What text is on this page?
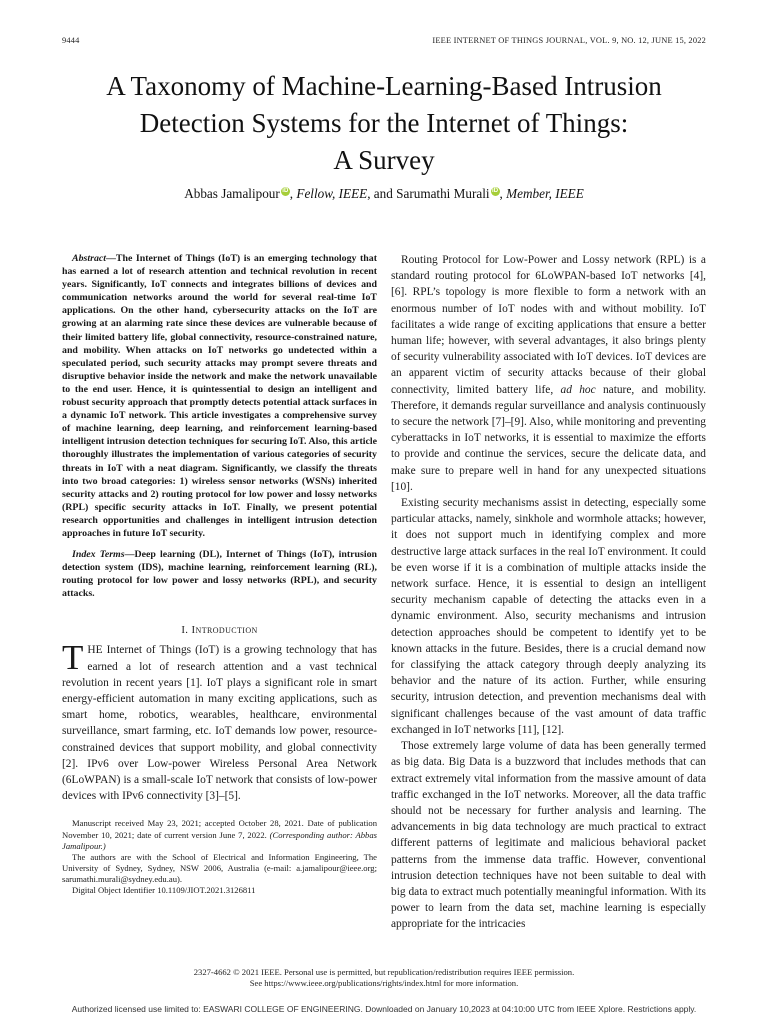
9444	IEEE INTERNET OF THINGS JOURNAL, VOL. 9, NO. 12, JUNE 15, 2022
A Taxonomy of Machine-Learning-Based Intrusion
Detection Systems for the Internet of Things:
A Survey
Abbas Jamalipour iD , Fellow, IEEE, and Sarumathi Murali iD , Member, IEEE

Abstract—The Internet of Things (IoT) is an emerging technology that has earned a lot of research attention and technical revolution in recent years. Significantly, IoT connects and integrates billions of devices and communication networks around the world for several real-time IoT applications. On the other hand, cybersecurity attacks on the IoT are growing at an alarming rate since these devices are vulnerable because of their limited battery life, global connectivity, resource-constrained nature, and mobility. When attacks on IoT networks go undetected within a speculated period, such security attacks may prompt severe threats and disruptive behavior inside the network and make the network unavailable to the end user. Hence, it is quintessential to design an intelligent and robust security approach that promptly detects potential attack surfaces in a dynamic IoT network. This article investigates a comprehensive survey of machine learning, deep learning, and reinforcement learning-based intelligent intrusion detection techniques for securing IoT. Also, this article thoroughly illustrates the implementation of various categories of security threats in IoT with a neat diagram. Significantly, we classify the threats into two broad categories: 1) wireless sensor networks (WSNs) inherited security attacks and 2) routing protocol for low power and lossy networks (RPL) specific security attacks in IoT. Finally, we present potential research opportunities and challenges in intelligent intrusion detection approaches in future IoT security.

Index Terms—Deep learning (DL), Internet of Things (IoT), intrusion detection system (IDS), machine learning, reinforcement learning (RL), routing protocol for low power and lossy networks (RPL), and security attacks.

I. Introduction

THE Internet of Things (IoT) is a growing technology that has earned a lot of research attention and a vast technical revolution in recent years [1]. IoT plays a significant role in smart energy-efficient automation in many exciting applications, such as smart home, robotics, wearables, healthcare, environmental surveillance, smart farming, etc. IoT demands low power, resource-constrained devices that support mobility, and global connectivity [2]. IPv6 over Low-power Wireless Personal Area Network (6LoWPAN) is a small-scale IoT network that consists of low-power devices with IPv6 connectivity [3]–[5].

Manuscript received May 23, 2021; accepted October 28, 2021. Date of publication November 10, 2021; date of current version June 7, 2022. (Corresponding author: Abbas Jamalipour.)

The authors are with the School of Electrical and Information Engineering, The University of Sydney, Sydney, NSW 2006, Australia (e-mail: a.jamalipour@ieee.org; sarumathi.murali@sydney.edu.au).

Digital Object Identifier 10.1109/JIOT.2021.3126811

Routing Protocol for Low-Power and Lossy network (RPL) is a standard routing protocol for 6LoWPAN-based IoT networks [4], [6]. RPL’s topology is more flexible to form a network with an enormous number of IoT nodes with and without mobility. IoT facilitates a wide range of exciting applications that ensure a better human life; however, with several advantages, it also brings plenty of security vulnerability associated with IoT devices. IoT devices are an apparent victim of security attacks because of their global connectivity, limited battery life, ad hoc nature, and mobility. Therefore, it demands regular surveillance and analysis continuously to secure the network [7]–[9]. Also, while monitoring and preventing cyberattacks in IoT networks, it is essential to maximize the efforts to provide and continue the services, secure the delicate data, and make sure to prepare well in hand for any unexpected situations [10].

Existing security mechanisms assist in detecting, especially some particular attacks, namely, sinkhole and wormhole attacks; however, it does not support much in identifying complex and more destructive large attack surfaces in the real IoT environment. It could be even worse if it is a combination of multiple attacks inside the network surface. Hence, it is essential to design an intelligent security mechanism capable of detecting the attacks even in a dynamic environment. Also, security mechanisms and intrusion detection approaches should be competent to identify yet to be known attacks in the future. Besides, there is a crucial demand now for classifying the attack category through deeply analyzing its behavior and the nature of its action. Further, while ensuring security, intrusion detection, and prevention mechanisms deal with significant challenges because of the vast amount of data traffic exchanged in IoT networks [11], [12].

Those extremely large volume of data has been generally termed as big data. Big Data is a buzzword that includes methods that can extract extremely vital information from the massive amount of data traffic exchanged in the IoT networks. Moreover, all the data traffic should not be necessary for further analysis and learning. The advancements in big data technology are much practical to extract different patterns of legitimate and malicious behavioral packet patterns from the immense data traffic. However, conventional intrusion detection techniques have not been suitable to deal with big data to extract much potentially meaningful information. With its power to learn from the data set, machine learning is especially appropriate for the intricacies

2327-4662 © 2021 IEEE. Personal use is permitted, but republication/redistribution requires IEEE permission.
See https://www.ieee.org/publications/rights/index.html for more information.
Authorized licensed use limited to: EASWARI COLLEGE OF ENGINEERING. Downloaded on January 10,2023 at 04:10:00 UTC from IEEE Xplore. Restrictions apply.
